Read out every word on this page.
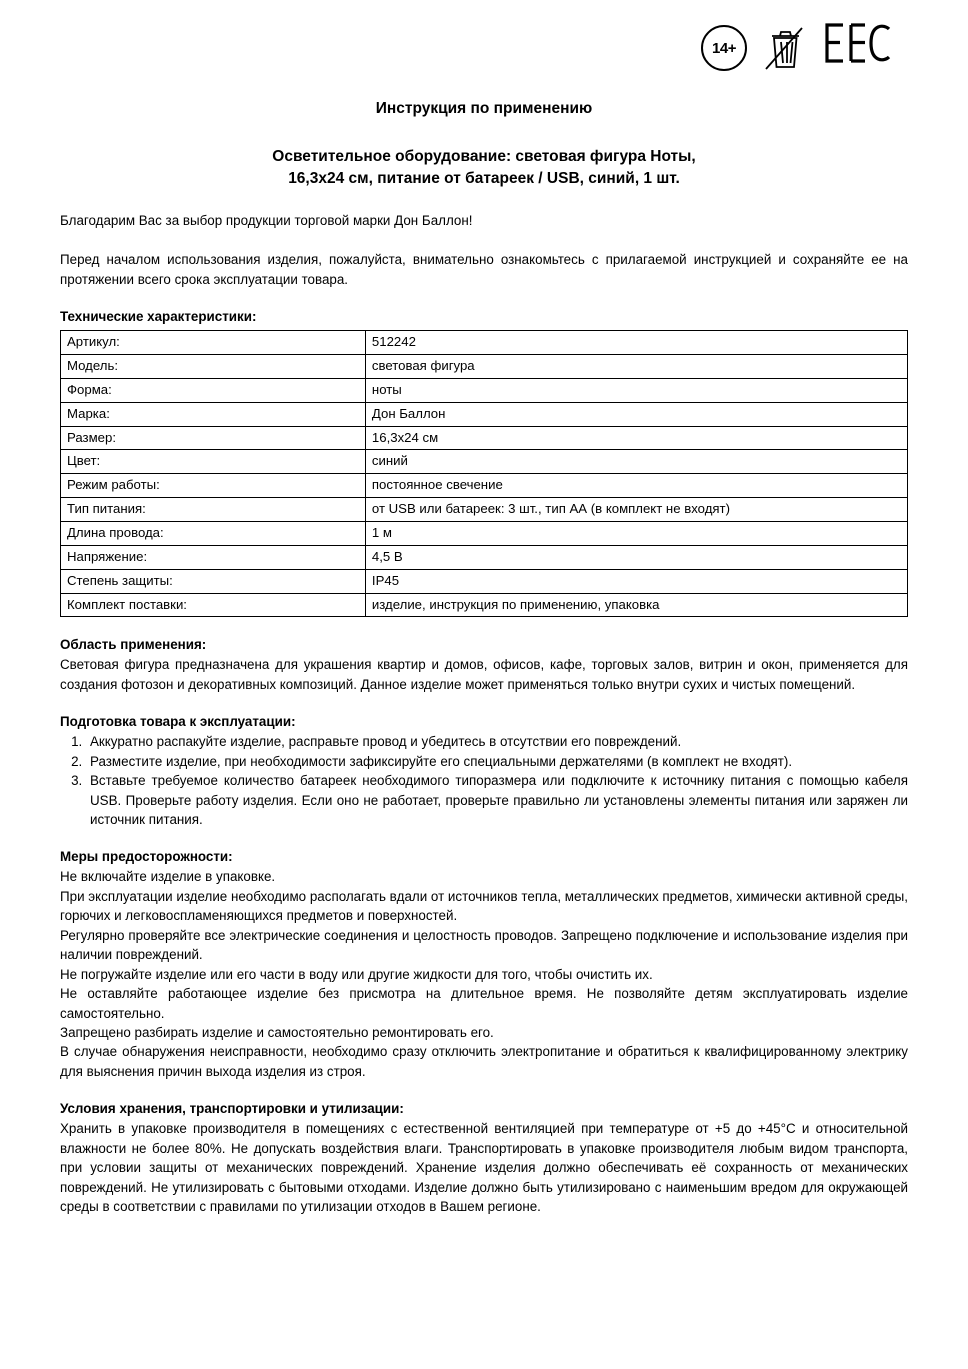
14+
Инструкция по применению
Осветительное оборудование: световая фигура Ноты,
16,3х24 см, питание от батареек / USB, синий, 1 шт.

Благодарим Вас за выбор продукции торговой марки Дон Баллон!

Перед началом использования изделия, пожалуйста, внимательно ознакомьтесь с прилагаемой инструкцией и сохраняйте ее на протяжении всего срока эксплуатации товара.

Технические характеристики:
Артикул:	512242
Модель:	световая фигура
Форма:	ноты
Марка:	Дон Баллон
Размер:	16,3х24 см
Цвет:	синий
Режим работы:	постоянное свечение
Тип питания:	от USB или батареек: 3 шт., тип АА (в комплект не входят)
Длина провода:	1 м
Напряжение:	4,5 В
Степень защиты:	IP45
Комплект поставки:	изделие, инструкция по применению, упаковка
Область применения:

Световая фигура предназначена для украшения квартир и домов, офисов, кафе, торговых залов, витрин и окон, применяется для создания фотозон и декоративных композиций. Данное изделие может применяться только внутри сухих и чистых помещений.

Подготовка товара к эксплуатации:
1. Аккуратно распакуйте изделие, расправьте провод и убедитесь в отсутствии его повреждений.
2. Разместите изделие, при необходимости зафиксируйте его специальными держателями (в комплект не входят).
3. Вставьте требуемое количество батареек необходимого типоразмера или подключите к источнику питания с помощью кабеля USB. Проверьте работу изделия. Если оно не работает, проверьте правильно ли установлены элементы питания или заряжен ли источник питания.
Меры предосторожности:

Не включайте изделие в упаковке.

При эксплуатации изделие необходимо располагать вдали от источников тепла, металлических предметов, химически активной среды, горючих и легковоспламеняющихся предметов и поверхностей.

Регулярно проверяйте все электрические соединения и целостность проводов. Запрещено подключение и использование изделия при наличии повреждений.

Не погружайте изделие или его части в воду или другие жидкости для того, чтобы очистить их.

Не оставляйте работающее изделие без присмотра на длительное время. Не позволяйте детям эксплуатировать изделие самостоятельно.

Запрещено разбирать изделие и самостоятельно ремонтировать его.

В случае обнаружения неисправности, необходимо сразу отключить электропитание и обратиться к квалифицированному электрику для выяснения причин выхода изделия из строя.

Условия хранения, транспортировки и утилизации:

Хранить в упаковке производителя в помещениях с естественной вентиляцией при температуре от +5 до +45°С и относительной влажности не более 80%. Не допускать воздействия влаги. Транспортировать в упаковке производителя любым видом транспорта, при условии защиты от механических повреждений. Хранение изделия должно обеспечивать её сохранность от механических повреждений. Не утилизировать с бытовыми отходами. Изделие должно быть утилизировано с наименьшим вредом для окружающей среды в соответствии с правилами по утилизации отходов в Вашем регионе.
